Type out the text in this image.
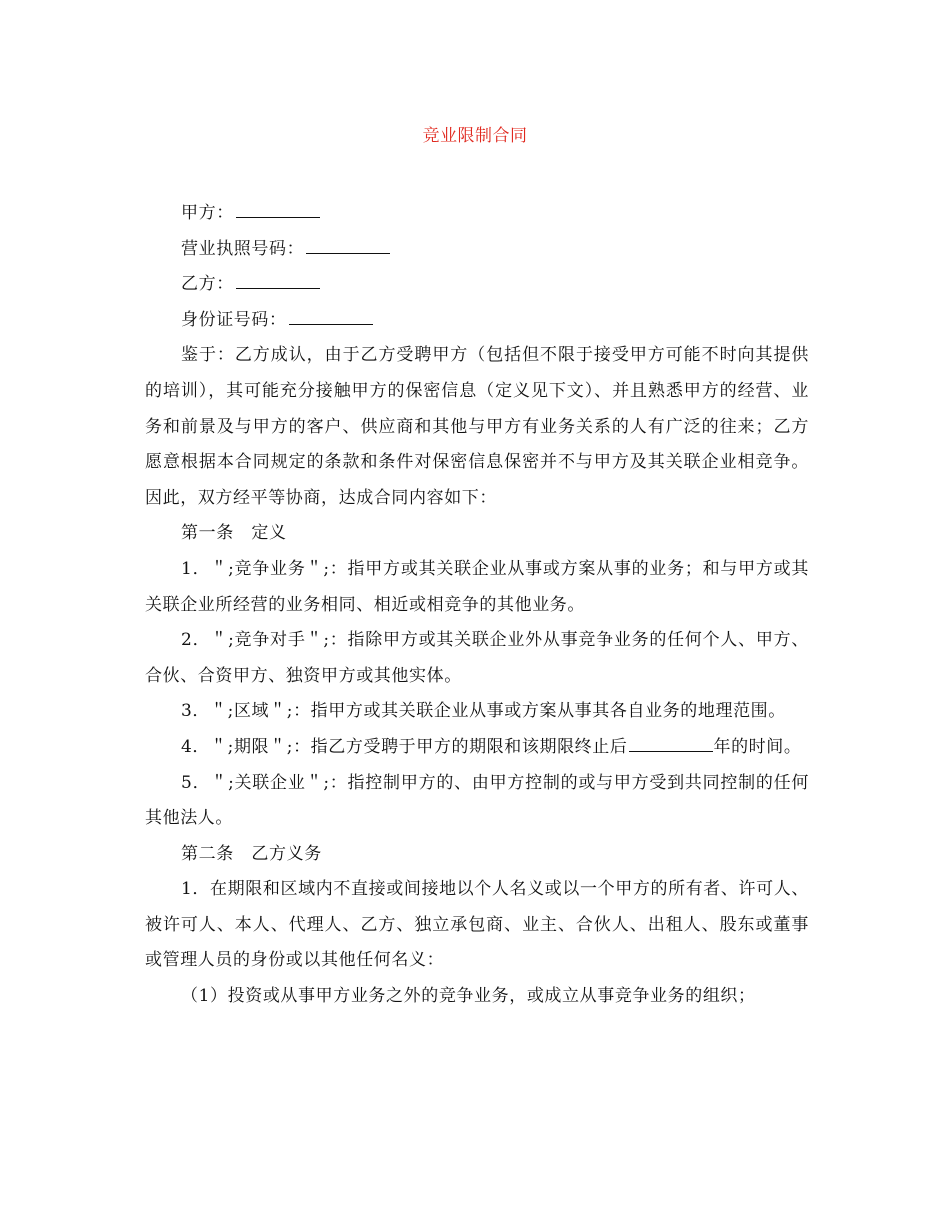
竞业限制合同

甲方：

营业执照号码：

乙方：

身份证号码：

鉴于：乙方成认，由于乙方受聘甲方（包括但不限于接受甲方可能不时向其提供的培训），其可能充分接触甲方的保密信息（定义见下文）、并且熟悉甲方的经营、业务和前景及与甲方的客户、供应商和其他与甲方有业务关系的人有广泛的往来；乙方愿意根据本合同规定的条款和条件对保密信息保密并不与甲方及其关联企业相竞争。因此，双方经平等协商，达成合同内容如下：

第一条　定义

1．＂;竞争业务＂;：指甲方或其关联企业从事或方案从事的业务；和与甲方或其关联企业所经营的业务相同、相近或相竞争的其他业务。

2．＂;竞争对手＂;：指除甲方或其关联企业外从事竞争业务的任何个人、甲方、合伙、合资甲方、独资甲方或其他实体。

3．＂;区域＂;：指甲方或其关联企业从事或方案从事其各自业务的地理范围。

4．＂;期限＂;：指乙方受聘于甲方的期限和该期限终止后	年的时间。

5．＂;关联企业＂;：指控制甲方的、由甲方控制的或与甲方受到共同控制的任何其他法人。

第二条　乙方义务

1．在期限和区域内不直接或间接地以个人名义或以一个甲方的所有者、许可人、被许可人、本人、代理人、乙方、独立承包商、业主、合伙人、出租人、股东或董事或管理人员的身份或以其他任何名义：

（1）投资或从事甲方业务之外的竞争业务，或成立从事竞争业务的组织；
